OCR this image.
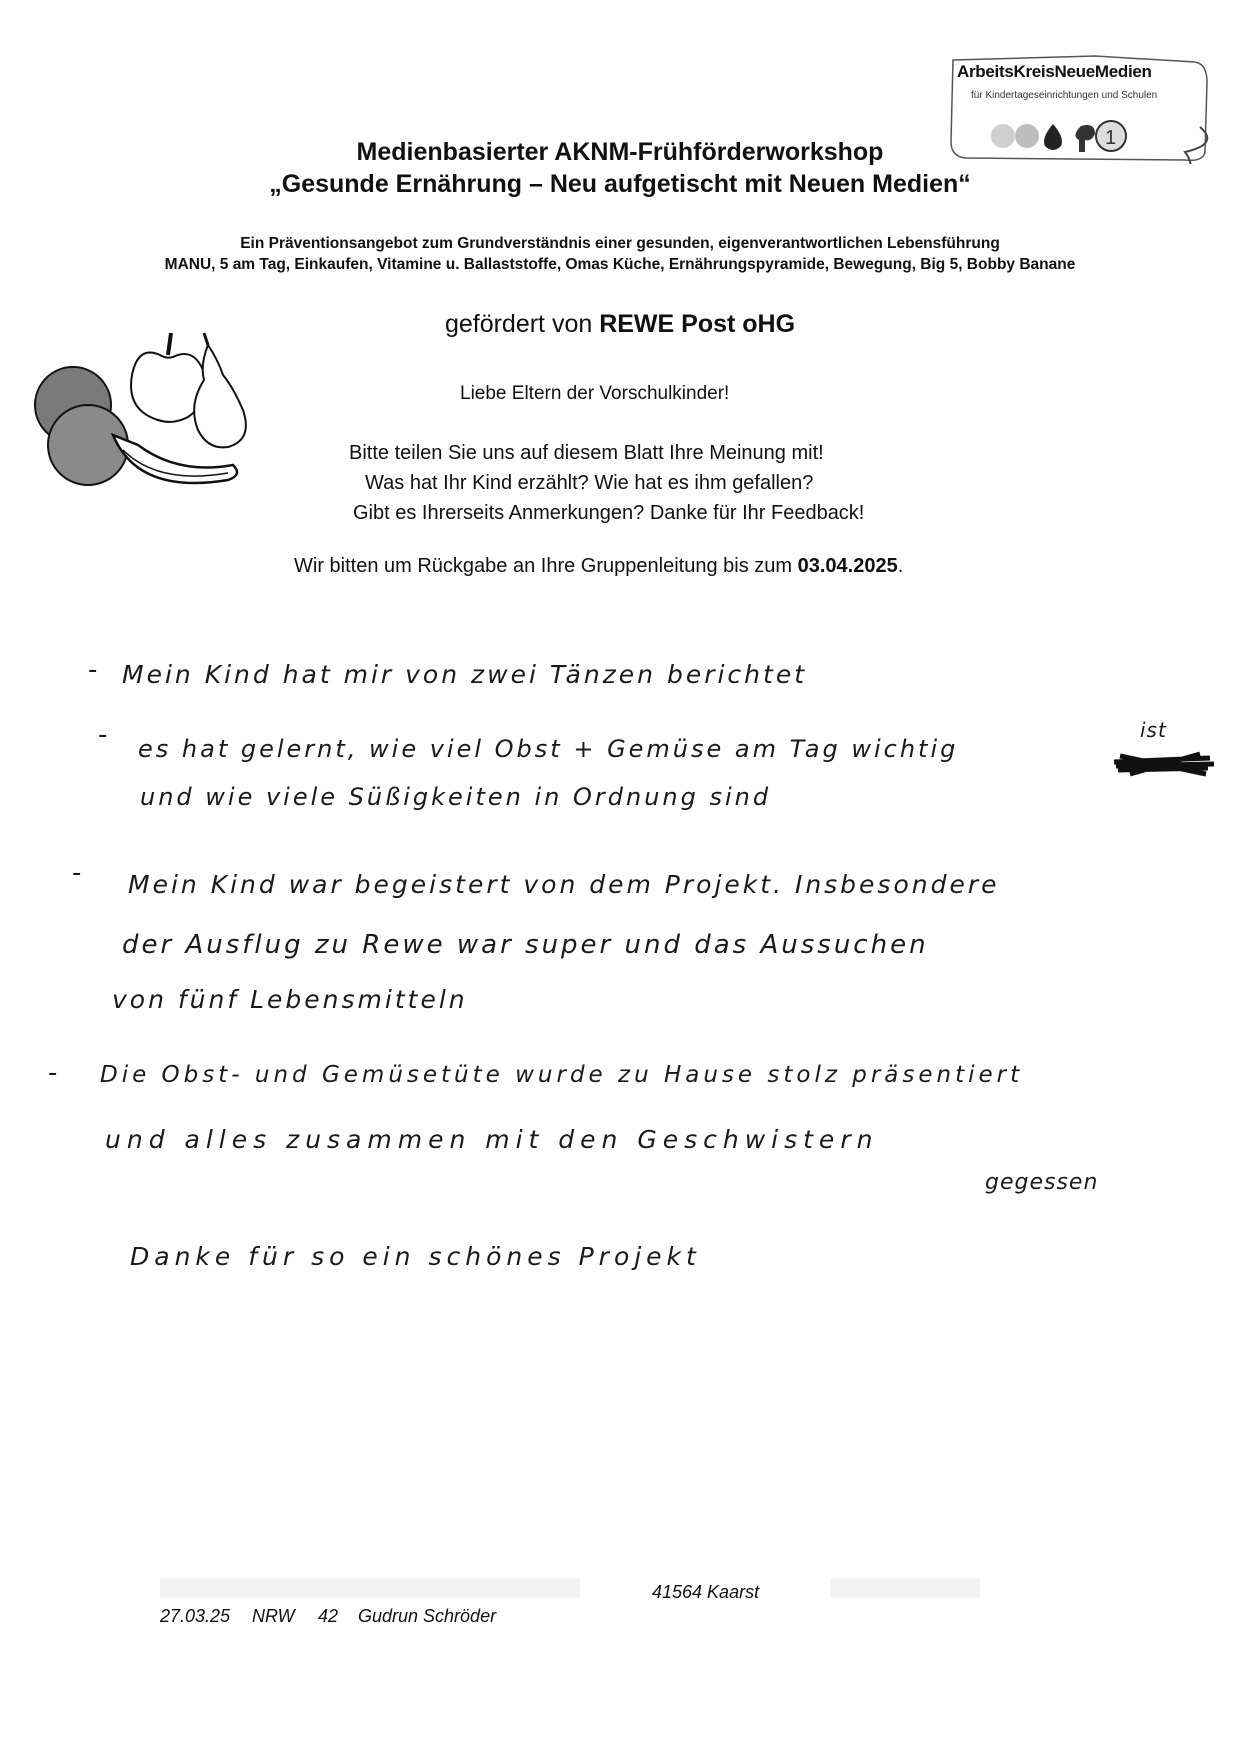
ArbeitsKreisNeueMedien
für Kindertageseinrichtungen und Schulen
1
Medienbasierter AKNM-Frühförderworkshop
„Gesunde Ernährung – Neu aufgetischt mit Neuen Medien“
Ein Präventionsangebot zum Grundverständnis einer gesunden, eigenverantwortlichen Lebensführung
MANU, 5 am Tag, Einkaufen, Vitamine u. Ballaststoffe, Omas Küche, Ernährungspyramide, Bewegung, Big 5, Bobby Banane
gefördert von REWE Post oHG
Liebe Eltern der Vorschulkinder!
Bitte teilen Sie uns auf diesem Blatt Ihre Meinung mit!
Was hat Ihr Kind erzählt? Wie hat es ihm gefallen?
Gibt es Ihrerseits Anmerkungen? Danke für Ihr Feedback!
Wir bitten um Rückgabe an Ihre Gruppenleitung bis zum 03.04.2025.
- Mein Kind hat mir von zwei Tänzen berichtet
- es hat gelernt, wie viel Obst + Gemüse am Tag wichtig
ist
und wie viele Süßigkeiten in Ordnung sind
- Mein Kind war begeistert von dem Projekt. Insbesondere
der Ausflug zu Rewe war super und das Aussuchen
von fünf Lebensmitteln
- Die Obst- und Gemüsetüte wurde zu Hause stolz präsentiert
und alles zusammen mit den Geschwistern
gegessen
Danke für so ein schönes Projekt
41564 Kaarst
27.03.25 NRW 42 Gudrun Schröder
